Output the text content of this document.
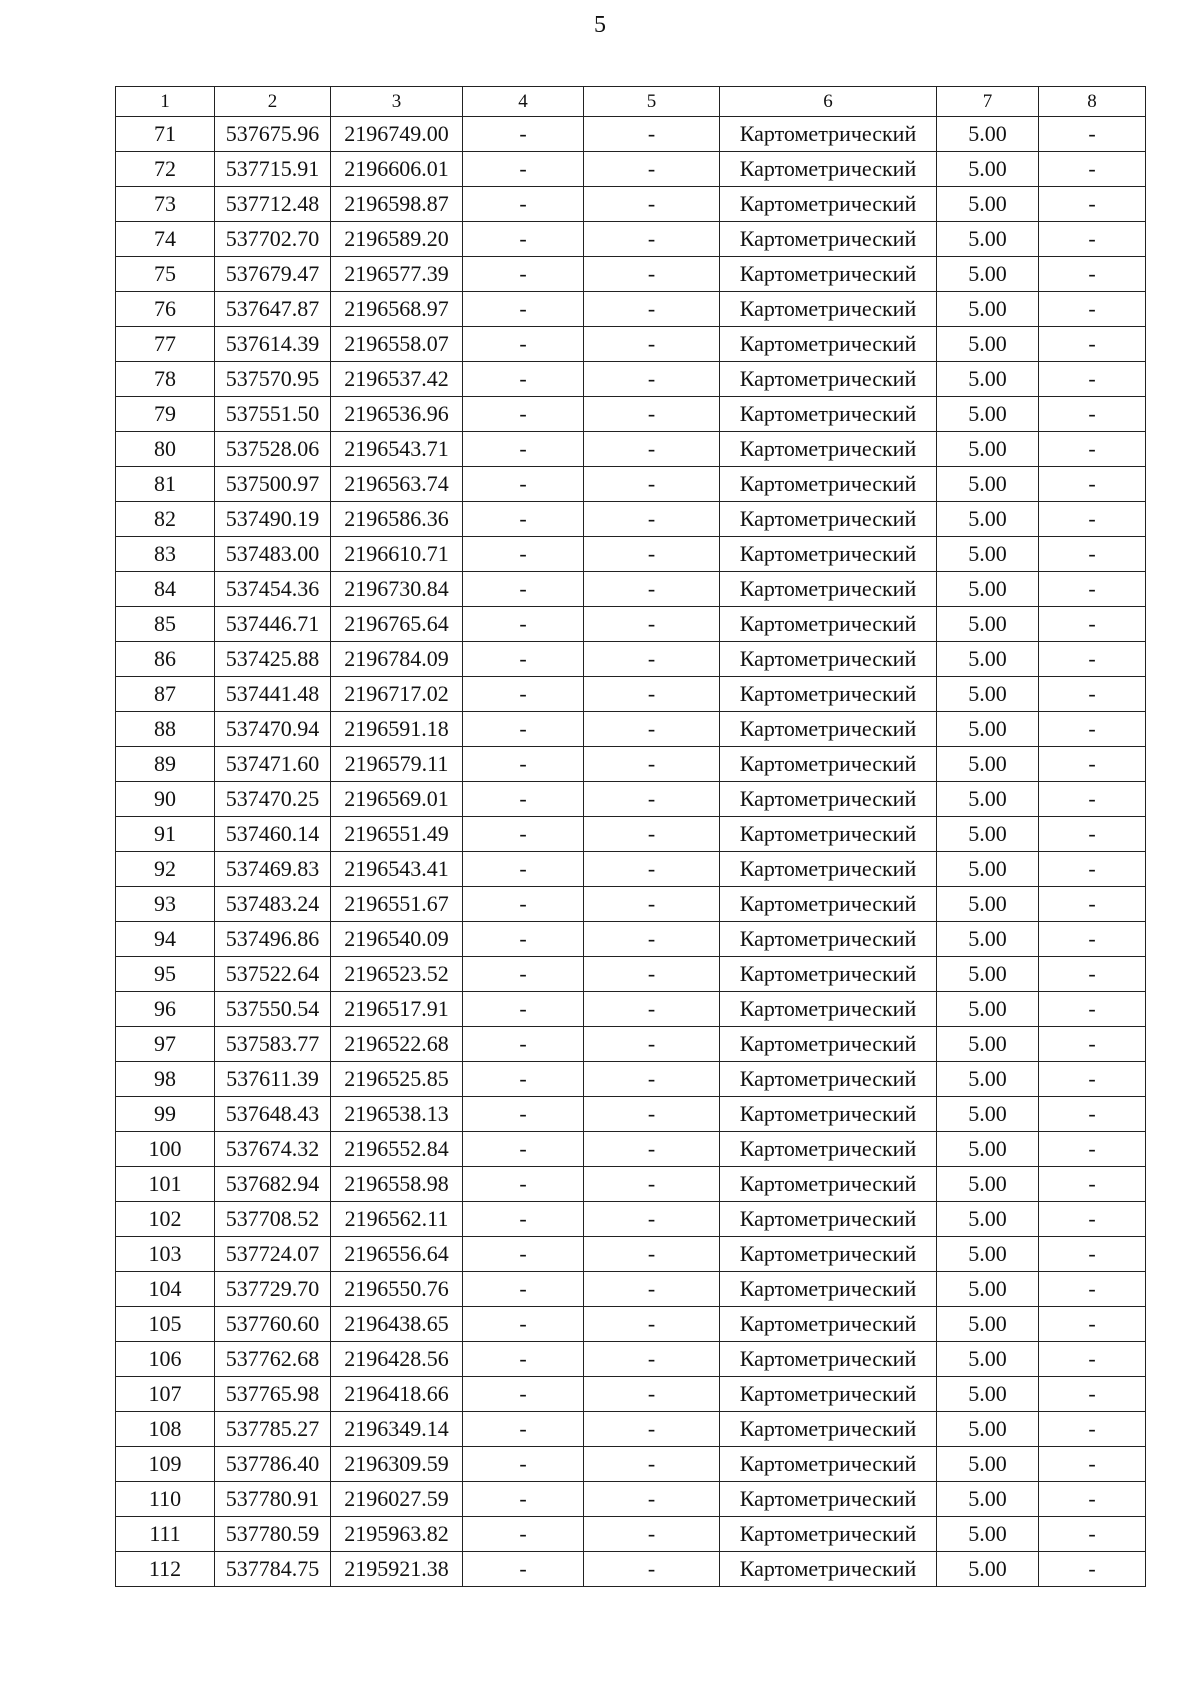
5
1	2	3	4	5	6	7	8
71	537675.96	2196749.00	-	-	Картометрический	5.00	-
72	537715.91	2196606.01	-	-	Картометрический	5.00	-
73	537712.48	2196598.87	-	-	Картометрический	5.00	-
74	537702.70	2196589.20	-	-	Картометрический	5.00	-
75	537679.47	2196577.39	-	-	Картометрический	5.00	-
76	537647.87	2196568.97	-	-	Картометрический	5.00	-
77	537614.39	2196558.07	-	-	Картометрический	5.00	-
78	537570.95	2196537.42	-	-	Картометрический	5.00	-
79	537551.50	2196536.96	-	-	Картометрический	5.00	-
80	537528.06	2196543.71	-	-	Картометрический	5.00	-
81	537500.97	2196563.74	-	-	Картометрический	5.00	-
82	537490.19	2196586.36	-	-	Картометрический	5.00	-
83	537483.00	2196610.71	-	-	Картометрический	5.00	-
84	537454.36	2196730.84	-	-	Картометрический	5.00	-
85	537446.71	2196765.64	-	-	Картометрический	5.00	-
86	537425.88	2196784.09	-	-	Картометрический	5.00	-
87	537441.48	2196717.02	-	-	Картометрический	5.00	-
88	537470.94	2196591.18	-	-	Картометрический	5.00	-
89	537471.60	2196579.11	-	-	Картометрический	5.00	-
90	537470.25	2196569.01	-	-	Картометрический	5.00	-
91	537460.14	2196551.49	-	-	Картометрический	5.00	-
92	537469.83	2196543.41	-	-	Картометрический	5.00	-
93	537483.24	2196551.67	-	-	Картометрический	5.00	-
94	537496.86	2196540.09	-	-	Картометрический	5.00	-
95	537522.64	2196523.52	-	-	Картометрический	5.00	-
96	537550.54	2196517.91	-	-	Картометрический	5.00	-
97	537583.77	2196522.68	-	-	Картометрический	5.00	-
98	537611.39	2196525.85	-	-	Картометрический	5.00	-
99	537648.43	2196538.13	-	-	Картометрический	5.00	-
100	537674.32	2196552.84	-	-	Картометрический	5.00	-
101	537682.94	2196558.98	-	-	Картометрический	5.00	-
102	537708.52	2196562.11	-	-	Картометрический	5.00	-
103	537724.07	2196556.64	-	-	Картометрический	5.00	-
104	537729.70	2196550.76	-	-	Картометрический	5.00	-
105	537760.60	2196438.65	-	-	Картометрический	5.00	-
106	537762.68	2196428.56	-	-	Картометрический	5.00	-
107	537765.98	2196418.66	-	-	Картометрический	5.00	-
108	537785.27	2196349.14	-	-	Картометрический	5.00	-
109	537786.40	2196309.59	-	-	Картометрический	5.00	-
110	537780.91	2196027.59	-	-	Картометрический	5.00	-
111	537780.59	2195963.82	-	-	Картометрический	5.00	-
112	537784.75	2195921.38	-	-	Картометрический	5.00	-
